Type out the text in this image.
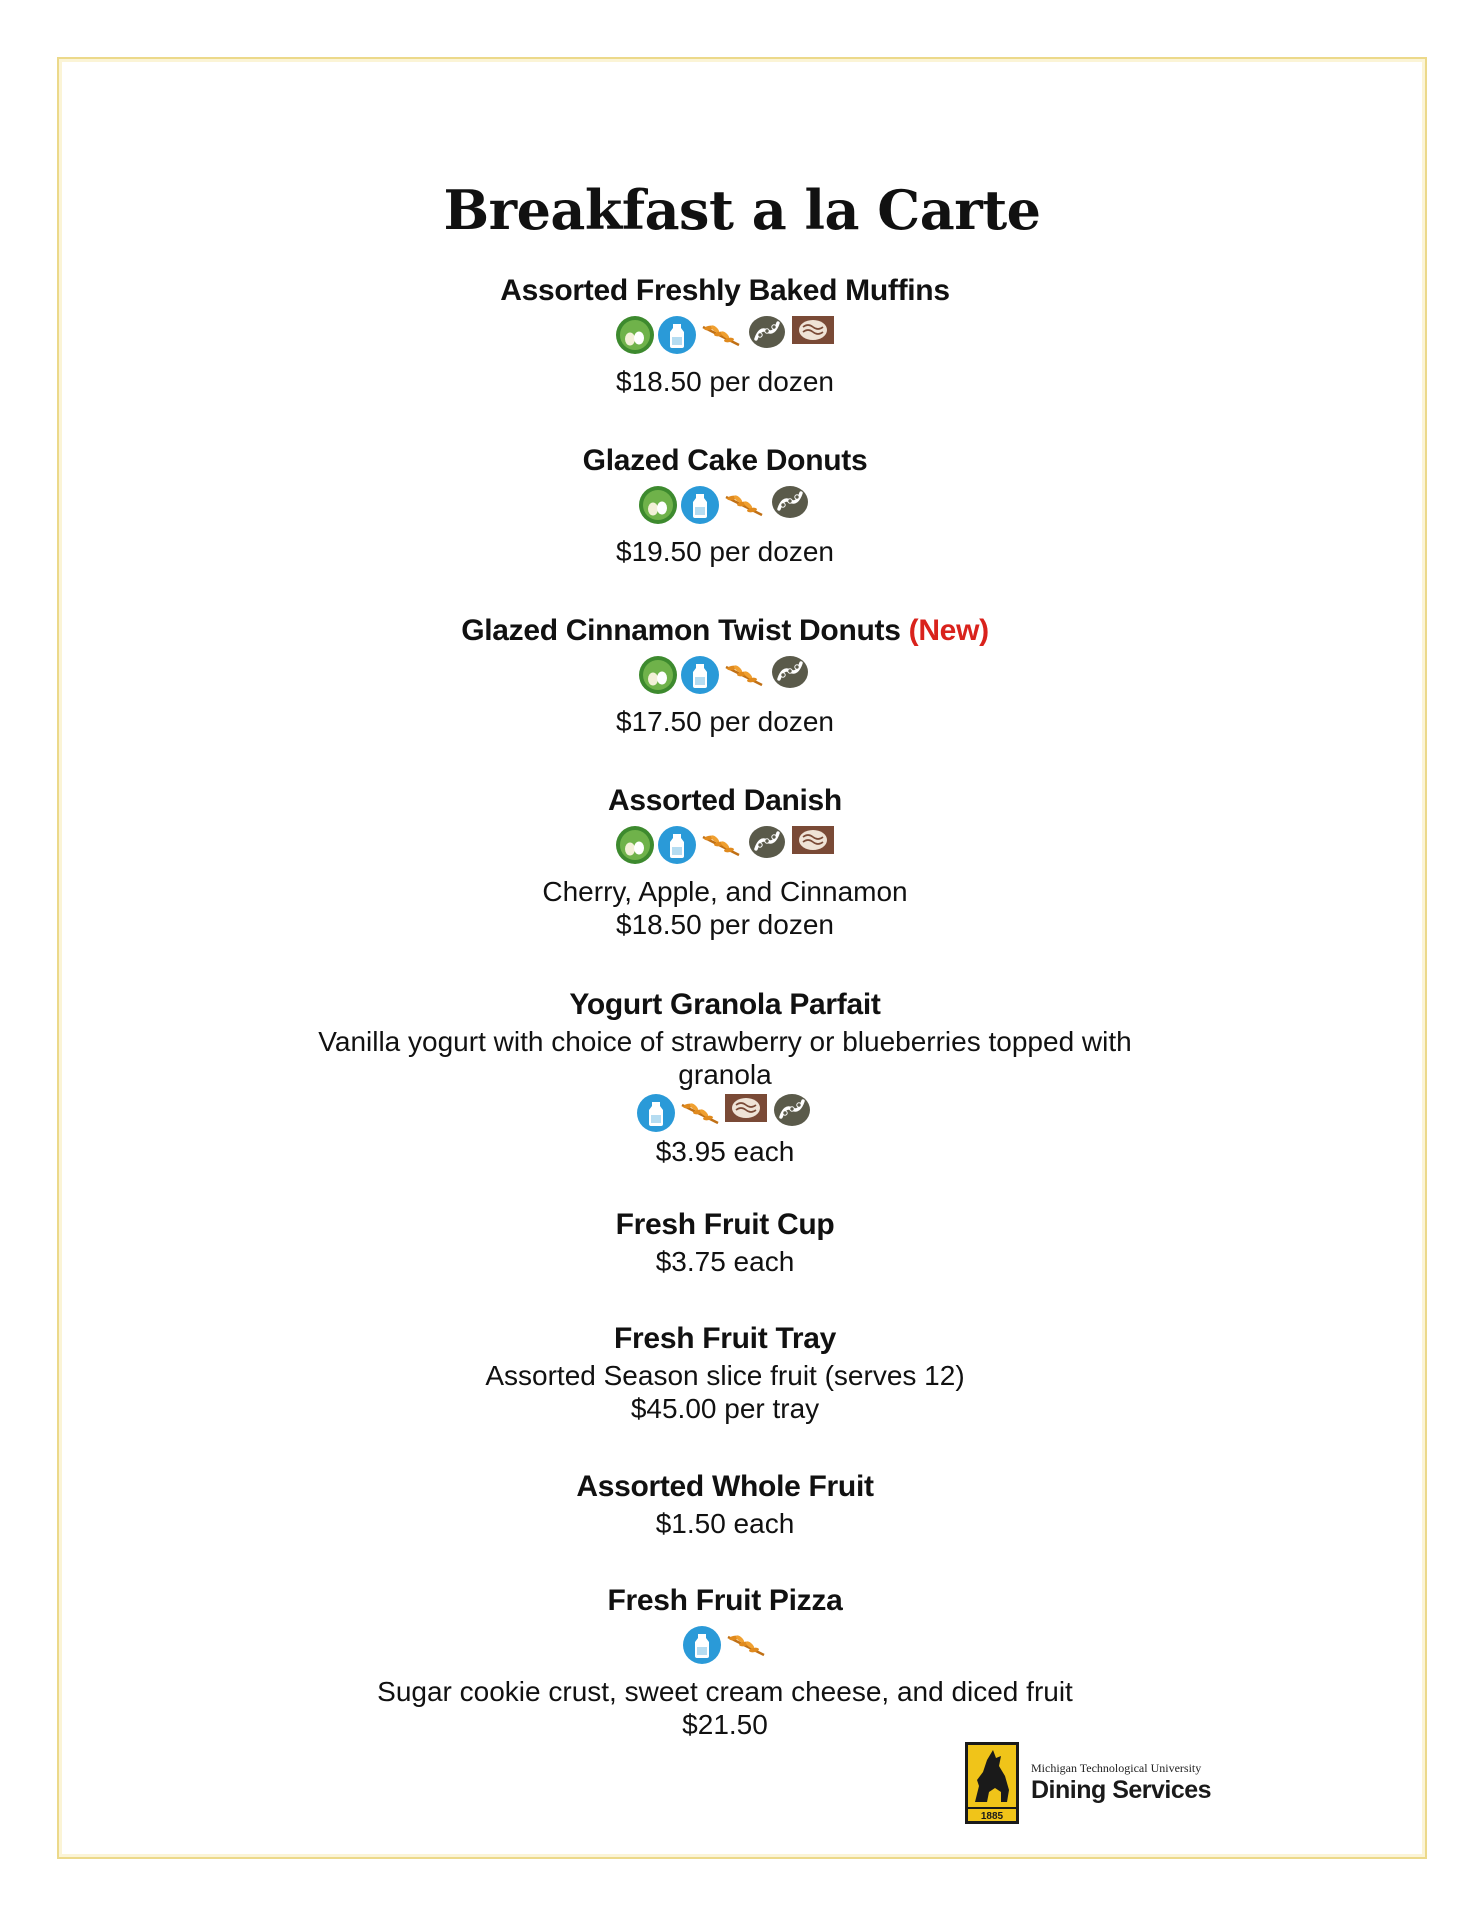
Breakfast a la Carte
Assorted Freshly Baked Muffins
$18.50 per dozen
Glazed Cake Donuts
$19.50 per dozen
Glazed Cinnamon Twist Donuts (New)
$17.50 per dozen
Assorted Danish
Cherry, Apple, and Cinnamon
$18.50 per dozen
Yogurt Granola Parfait
Vanilla yogurt with choice of strawberry or blueberries topped with
granola
$3.95 each
Fresh Fruit Cup
$3.75 each
Fresh Fruit Tray
Assorted Season slice fruit (serves 12)
$45.00 per tray
Assorted Whole Fruit
$1.50 each
Fresh Fruit Pizza
Sugar cookie crust, sweet cream cheese, and diced fruit
$21.50
1885
Michigan Technological University
Dining Services
